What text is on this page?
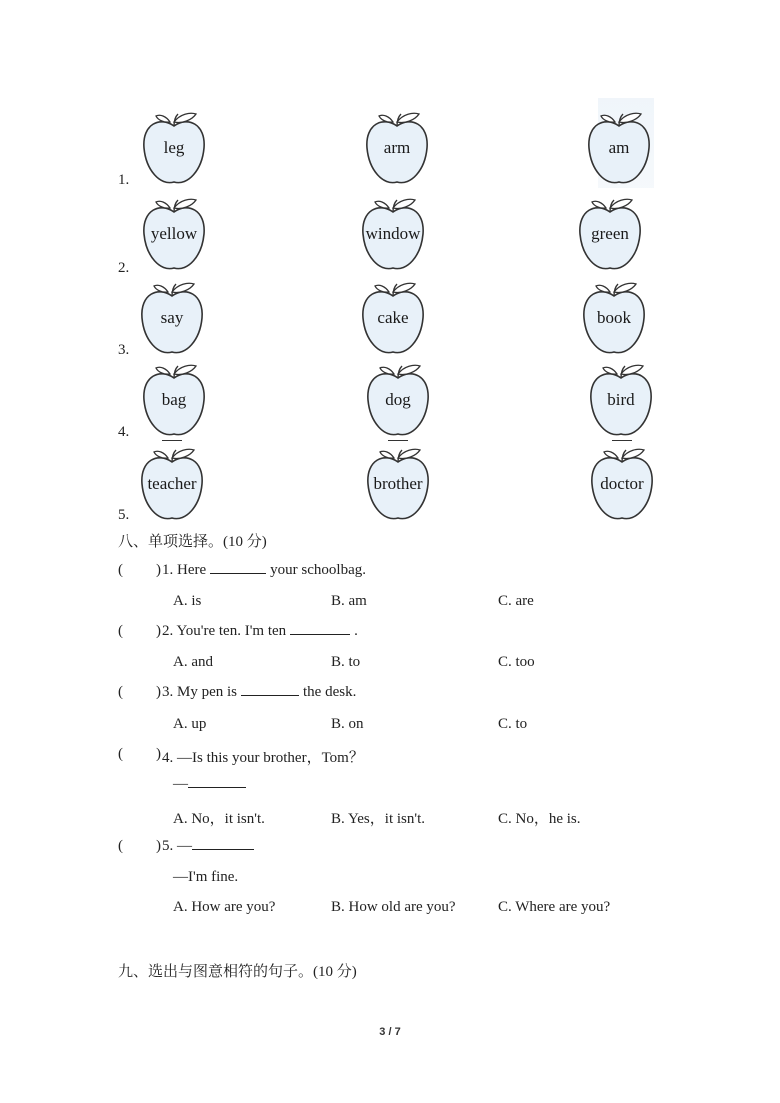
1.
leg	arm	am
2.
yellow	window	green
3.
say	cake	book
4.
bag	dog	bird
5.
teacher	brother	doctor
八、单项选择。(10 分)
( ) 1. Here	your schoolbag.
A. is	B. am	C. are
( ) 2. You're ten. I'm ten	.
A. and	B. to	C. too
( ) 3. My pen is	the desk.
A. up	B. on	C. to
( ) 4. —Is this your brother，Tom？
—
A. No，it isn't.	B. Yes，it isn't.	C. No，he is.
( ) 5. —
—I'm fine.
A. How are you?	B. How old are you?	C. Where are you?
九、选出与图意相符的句子。(10 分)
3 / 7
